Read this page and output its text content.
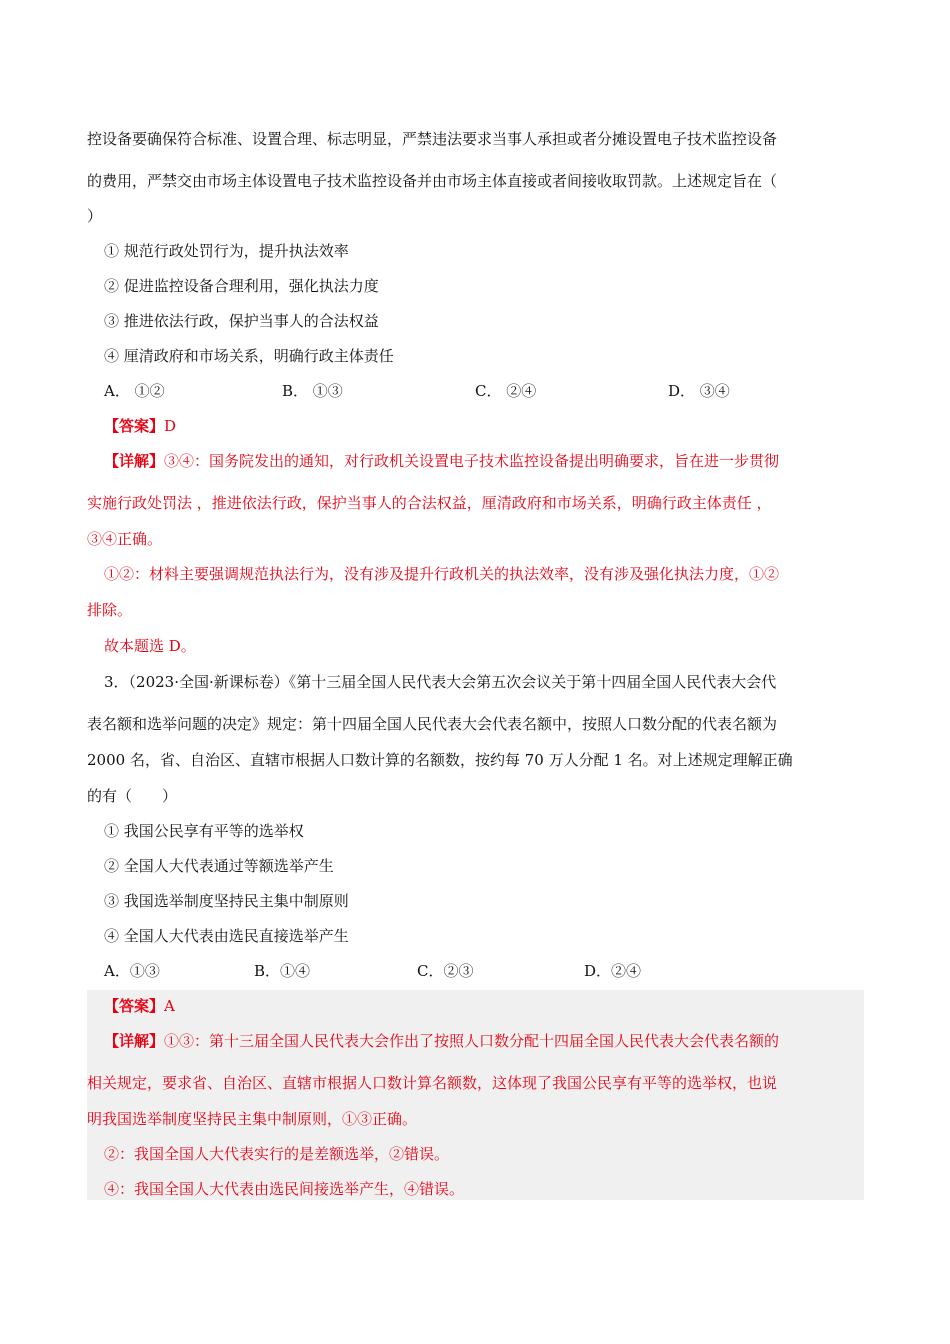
控设备要确保符合标准、设置合理、标志明显，严禁违法要求当事人承担或者分摊设置电子技术监控设备
的费用，严禁交由市场主体设置电子技术监控设备并由市场主体直接或者间接收取罚款。上述规定旨在（
）
① 规范行政处罚行为，提升执法效率
② 促进监控设备合理利用，强化执法力度
③ 推进依法行政，保护当事人的合法权益
④ 厘清政府和市场关系，明确行政主体责任
A． ①②	B． ①③	C． ②④	D． ③④
【答案】D
【详解】③④：国务院发出的通知，对行政机关设置电子技术监控设备提出明确要求，旨在进一步贯彻
实施行政处罚法 ，推进依法行政，保护当事人的合法权益，厘清政府和市场关系，明确行政主体责任 ，
③④正确。
①②：材料主要强调规范执法行为，没有涉及提升行政机关的执法效率，没有涉及强化执法力度，①②
排除。
故本题选 D。
3．（2023·全国·新课标卷）《第十三届全国人民代表大会第五次会议关于第十四届全国人民代表大会代
表名额和选举问题的决定》规定：第十四届全国人民代表大会代表名额中，按照人口数分配的代表名额为
2000 名，省、自治区、直辖市根据人口数计算的名额数，按约每 70 万人分配 1 名。对上述规定理解正确
的有（　　）
① 我国公民享有平等的选举权
② 全国人大代表通过等额选举产生
③ 我国选举制度坚持民主集中制原则
④ 全国人大代表由选民直接选举产生
A．①③	B．①④	C．②③	D．②④
【答案】A
【详解】①③：第十三届全国人民代表大会作出了按照人口数分配十四届全国人民代表大会代表名额的
相关规定，要求省、自治区、直辖市根据人口数计算名额数，这体现了我国公民享有平等的选举权，也说
明我国选举制度坚持民主集中制原则，①③正确。
②：我国全国人大代表实行的是差额选举，②错误。
④：我国全国人大代表由选民间接选举产生，④错误。
